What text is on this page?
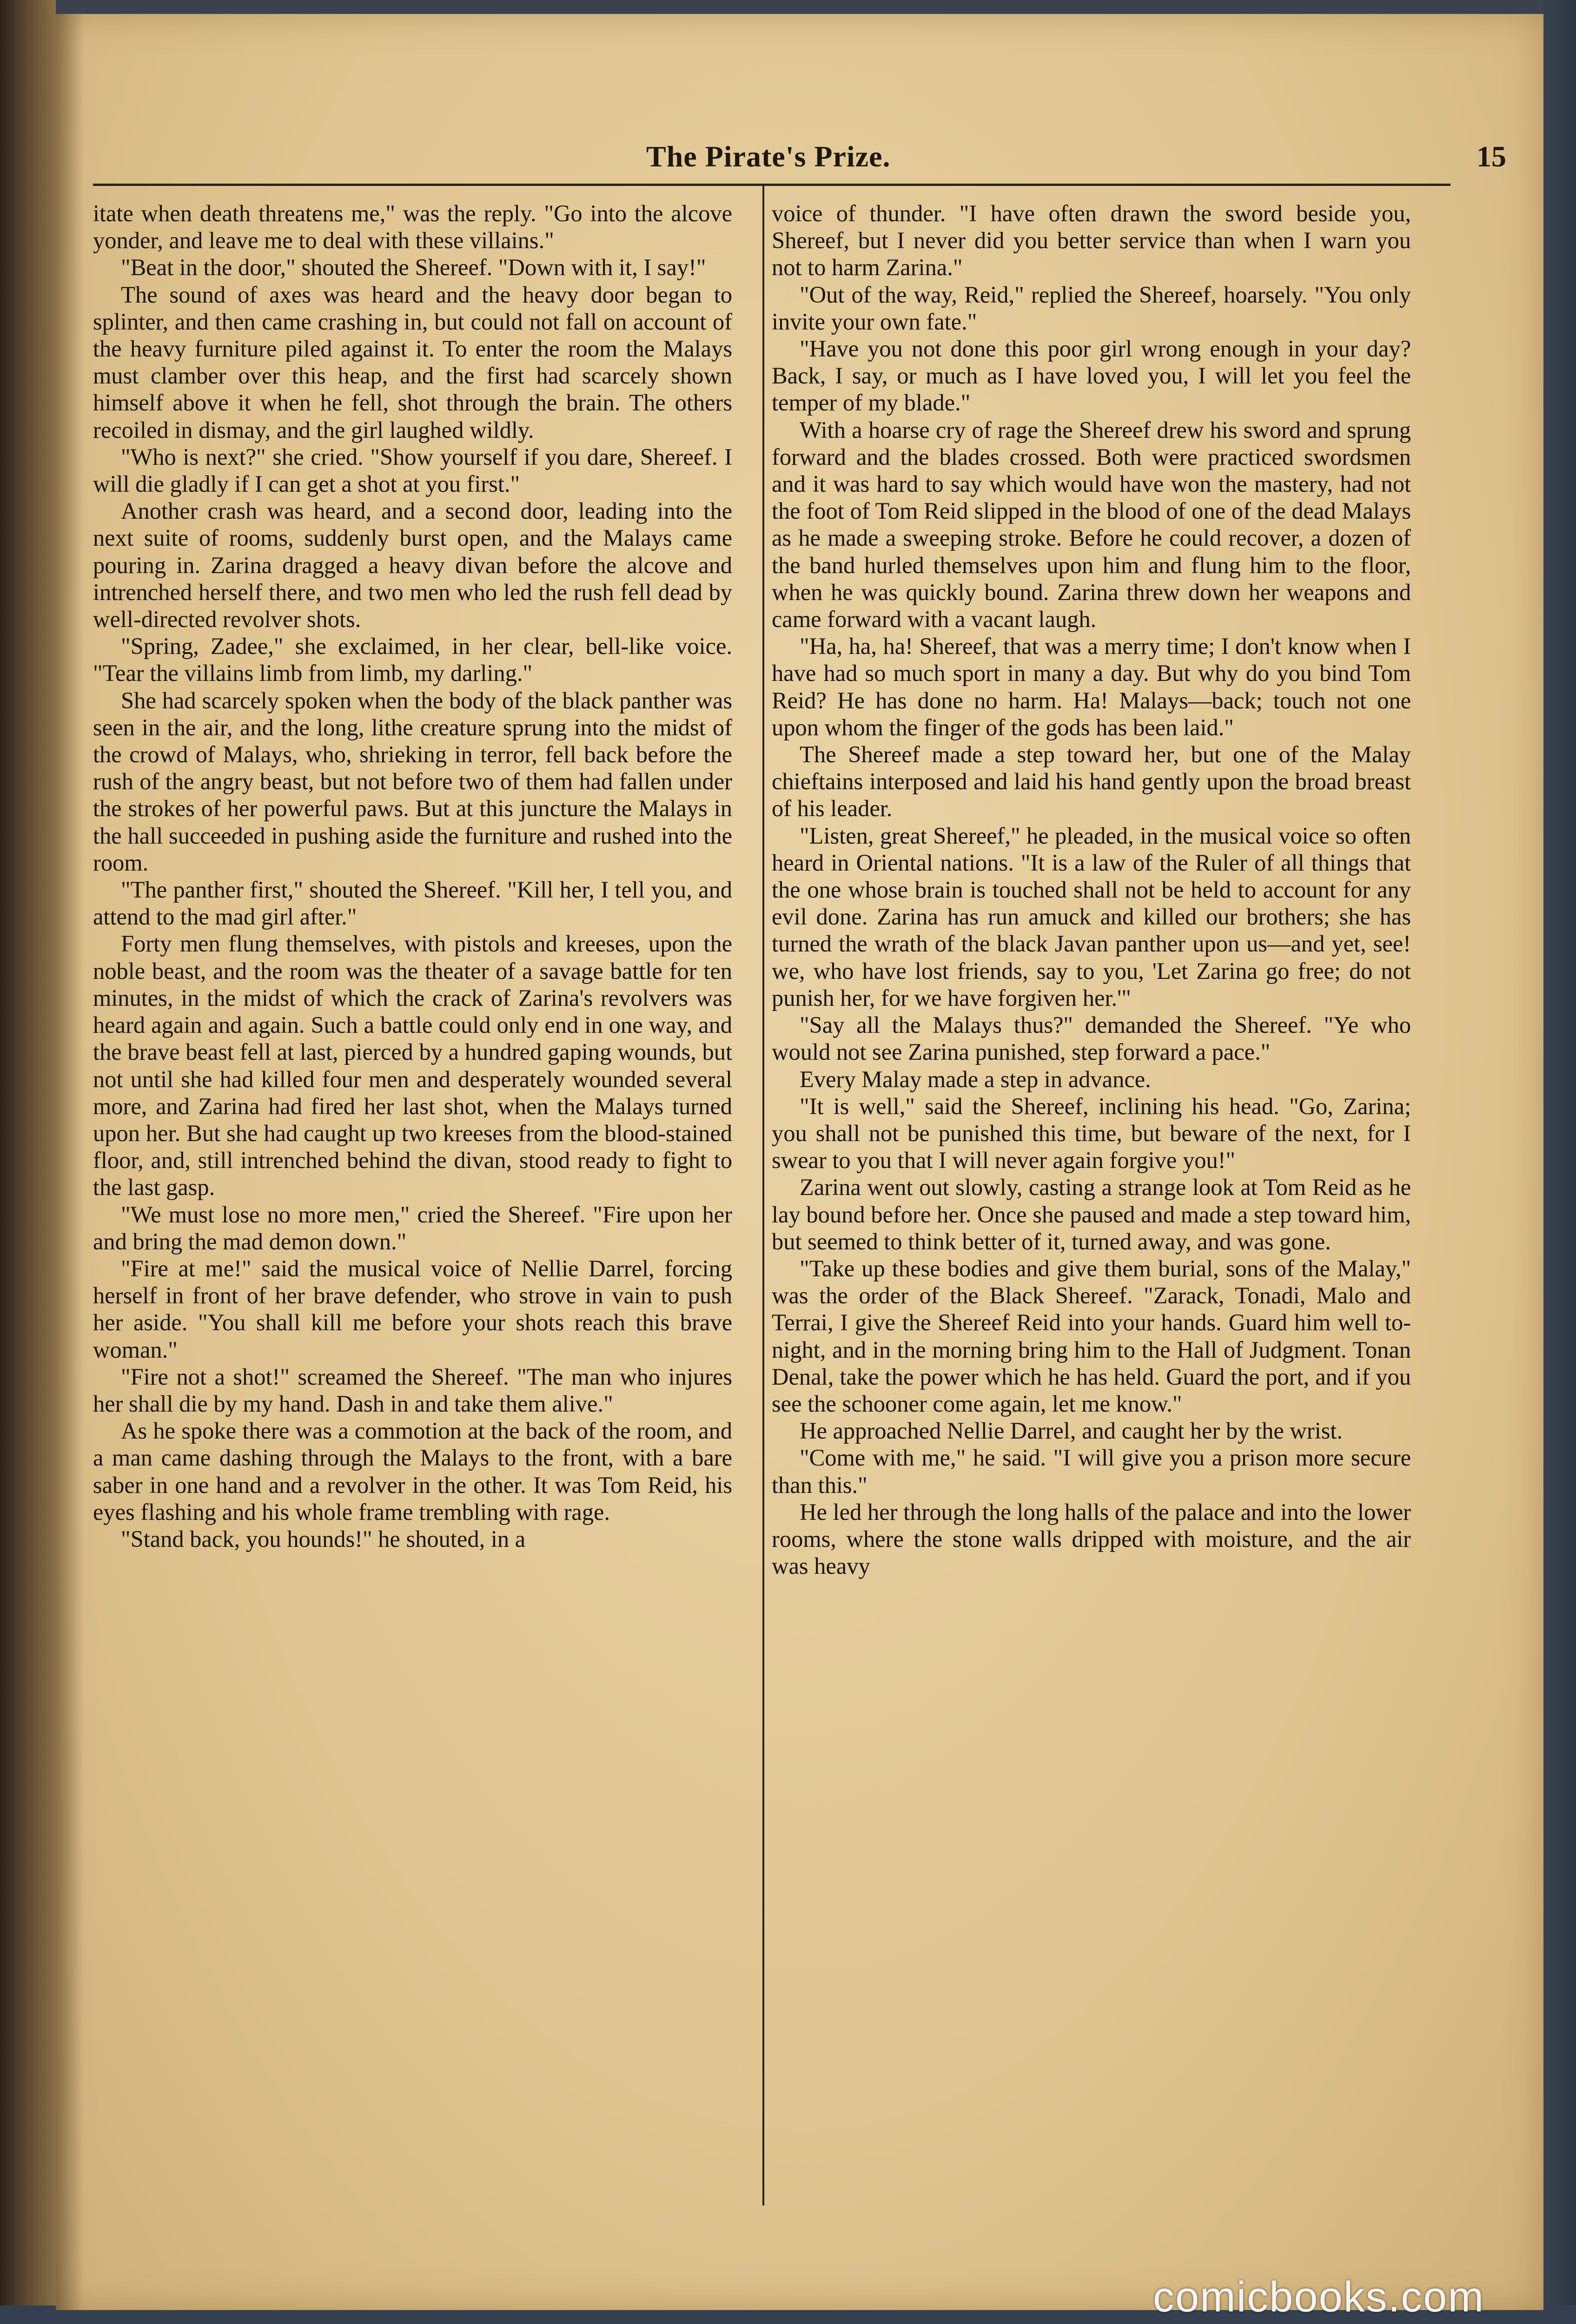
The Pirate's Prize.	15

itate when death threatens me," was the reply. "Go into the alcove yonder, and leave me to deal with these villains."

"Beat in the door," shouted the Shereef. "Down with it, I say!"

The sound of axes was heard and the heavy door began to splinter, and then came crashing in, but could not fall on account of the heavy furniture piled against it. To enter the room the Malays must clamber over this heap, and the first had scarcely shown himself above it when he fell, shot through the brain. The others recoiled in dismay, and the girl laughed wildly.

"Who is next?" she cried. "Show yourself if you dare, Shereef. I will die gladly if I can get a shot at you first."

Another crash was heard, and a second door, leading into the next suite of rooms, suddenly burst open, and the Malays came pouring in. Zarina dragged a heavy divan before the alcove and intrenched herself there, and two men who led the rush fell dead by well-directed revolver shots.

"Spring, Zadee," she exclaimed, in her clear, bell-like voice. "Tear the villains limb from limb, my darling."

She had scarcely spoken when the body of the black panther was seen in the air, and the long, lithe creature sprung into the midst of the crowd of Malays, who, shrieking in terror, fell back before the rush of the angry beast, but not before two of them had fallen under the strokes of her powerful paws. But at this juncture the Malays in the hall succeeded in pushing aside the furniture and rushed into the room.

"The panther first," shouted the Shereef. "Kill her, I tell you, and attend to the mad girl after."

Forty men flung themselves, with pistols and kreeses, upon the noble beast, and the room was the theater of a savage battle for ten minutes, in the midst of which the crack of Zarina's revolvers was heard again and again. Such a battle could only end in one way, and the brave beast fell at last, pierced by a hundred gaping wounds, but not until she had killed four men and desperately wounded several more, and Zarina had fired her last shot, when the Malays turned upon her. But she had caught up two kreeses from the blood-stained floor, and, still intrenched behind the divan, stood ready to fight to the last gasp.

"We must lose no more men," cried the Shereef. "Fire upon her and bring the mad demon down."

"Fire at me!" said the musical voice of Nellie Darrel, forcing herself in front of her brave defender, who strove in vain to push her aside. "You shall kill me before your shots reach this brave woman."

"Fire not a shot!" screamed the Shereef. "The man who injures her shall die by my hand. Dash in and take them alive."

As he spoke there was a commotion at the back of the room, and a man came dashing through the Malays to the front, with a bare saber in one hand and a revolver in the other. It was Tom Reid, his eyes flashing and his whole frame trembling with rage.

"Stand back, you hounds!" he shouted, in a

voice of thunder. "I have often drawn the sword beside you, Shereef, but I never did you better service than when I warn you not to harm Zarina."

"Out of the way, Reid," replied the Shereef, hoarsely. "You only invite your own fate."

"Have you not done this poor girl wrong enough in your day? Back, I say, or much as I have loved you, I will let you feel the temper of my blade."

With a hoarse cry of rage the Shereef drew his sword and sprung forward and the blades crossed. Both were practiced swordsmen and it was hard to say which would have won the mastery, had not the foot of Tom Reid slipped in the blood of one of the dead Malays as he made a sweeping stroke. Before he could recover, a dozen of the band hurled themselves upon him and flung him to the floor, when he was quickly bound. Zarina threw down her weapons and came forward with a vacant laugh.

"Ha, ha, ha! Shereef, that was a merry time; I don't know when I have had so much sport in many a day. But why do you bind Tom Reid? He has done no harm. Ha! Malays—back; touch not one upon whom the finger of the gods has been laid."

The Shereef made a step toward her, but one of the Malay chieftains interposed and laid his hand gently upon the broad breast of his leader.

"Listen, great Shereef," he pleaded, in the musical voice so often heard in Oriental nations. "It is a law of the Ruler of all things that the one whose brain is touched shall not be held to account for any evil done. Zarina has run amuck and killed our brothers; she has turned the wrath of the black Javan panther upon us—and yet, see! we, who have lost friends, say to you, 'Let Zarina go free; do not punish her, for we have forgiven her.'"

"Say all the Malays thus?" demanded the Shereef. "Ye who would not see Zarina punished, step forward a pace."

Every Malay made a step in advance.

"It is well," said the Shereef, inclining his head. "Go, Zarina; you shall not be punished this time, but beware of the next, for I swear to you that I will never again forgive you!"

Zarina went out slowly, casting a strange look at Tom Reid as he lay bound before her. Once she paused and made a step toward him, but seemed to think better of it, turned away, and was gone.

"Take up these bodies and give them burial, sons of the Malay," was the order of the Black Shereef. "Zarack, Tonadi, Malo and Terrai, I give the Shereef Reid into your hands. Guard him well to-night, and in the morning bring him to the Hall of Judgment. Tonan Denal, take the power which he has held. Guard the port, and if you see the schooner come again, let me know."

He approached Nellie Darrel, and caught her by the wrist.

"Come with me," he said. "I will give you a prison more secure than this."

He led her through the long halls of the palace and into the lower rooms, where the stone walls dripped with moisture, and the air was heavy

comicbooks.com
